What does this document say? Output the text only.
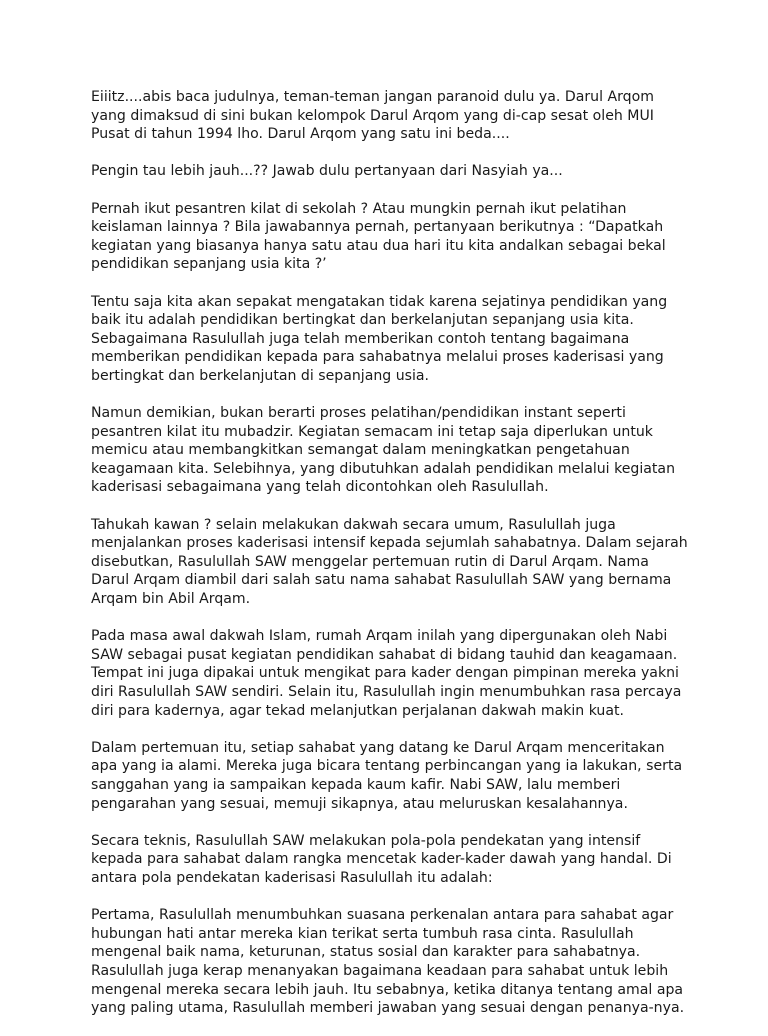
Eiiitz....abis baca judulnya, teman-teman jangan paranoid dulu ya. Darul Arqom
yang dimaksud di sini bukan kelompok Darul Arqom yang di-cap sesat oleh MUI
Pusat di tahun 1994 lho. Darul Arqom yang satu ini beda....

Pengin tau lebih jauh...?? Jawab dulu pertanyaan dari Nasyiah ya...

Pernah ikut pesantren kilat di sekolah ? Atau mungkin pernah ikut pelatihan
keislaman lainnya ? Bila jawabannya pernah, pertanyaan berikutnya : “Dapatkah
kegiatan yang biasanya hanya satu atau dua hari itu kita andalkan sebagai bekal
pendidikan sepanjang usia kita ?’

Tentu saja kita akan sepakat mengatakan tidak karena sejatinya pendidikan yang
baik itu adalah pendidikan bertingkat dan berkelanjutan sepanjang usia kita.
Sebagaimana Rasulullah juga telah memberikan contoh tentang bagaimana
memberikan pendidikan kepada para sahabatnya melalui proses kaderisasi yang
bertingkat dan berkelanjutan di sepanjang usia.

Namun demikian, bukan berarti proses pelatihan/pendidikan instant seperti
pesantren kilat itu mubadzir. Kegiatan semacam ini tetap saja diperlukan untuk
memicu atau membangkitkan semangat dalam meningkatkan pengetahuan
keagamaan kita. Selebihnya, yang dibutuhkan adalah pendidikan melalui kegiatan
kaderisasi sebagaimana yang telah dicontohkan oleh Rasulullah.

Tahukah kawan ? selain melakukan dakwah secara umum, Rasulullah juga
menjalankan proses kaderisasi intensif kepada sejumlah sahabatnya. Dalam sejarah
disebutkan, Rasulullah SAW menggelar pertemuan rutin di Darul Arqam. Nama
Darul Arqam diambil dari salah satu nama sahabat Rasulullah SAW yang bernama
Arqam bin Abil Arqam.

Pada masa awal dakwah Islam, rumah Arqam inilah yang dipergunakan oleh Nabi
SAW sebagai pusat kegiatan pendidikan sahabat di bidang tauhid dan keagamaan.
Tempat ini juga dipakai untuk mengikat para kader dengan pimpinan mereka yakni
diri Rasulullah SAW sendiri. Selain itu, Rasulullah ingin menumbuhkan rasa percaya
diri para kadernya, agar tekad melanjutkan perjalanan dakwah makin kuat.

Dalam pertemuan itu, setiap sahabat yang datang ke Darul Arqam menceritakan
apa yang ia alami. Mereka juga bicara tentang perbincangan yang ia lakukan, serta
sanggahan yang ia sampaikan kepada kaum kafir. Nabi SAW, lalu memberi
pengarahan yang sesuai, memuji sikapnya, atau meluruskan kesalahannya.

Secara teknis, Rasulullah SAW melakukan pola-pola pendekatan yang intensif
kepada para sahabat dalam rangka mencetak kader-kader dawah yang handal. Di
antara pola pendekatan kaderisasi Rasulullah itu adalah:

Pertama, Rasulullah menumbuhkan suasana perkenalan antara para sahabat agar
hubungan hati antar mereka kian terikat serta tumbuh rasa cinta. Rasulullah
mengenal baik nama, keturunan, status sosial dan karakter para sahabatnya.
Rasulullah juga kerap menanyakan bagaimana keadaan para sahabat untuk lebih
mengenal mereka secara lebih jauh. Itu sebabnya, ketika ditanya tentang amal apa
yang paling utama, Rasulullah memberi jawaban yang sesuai dengan penanya-nya.
